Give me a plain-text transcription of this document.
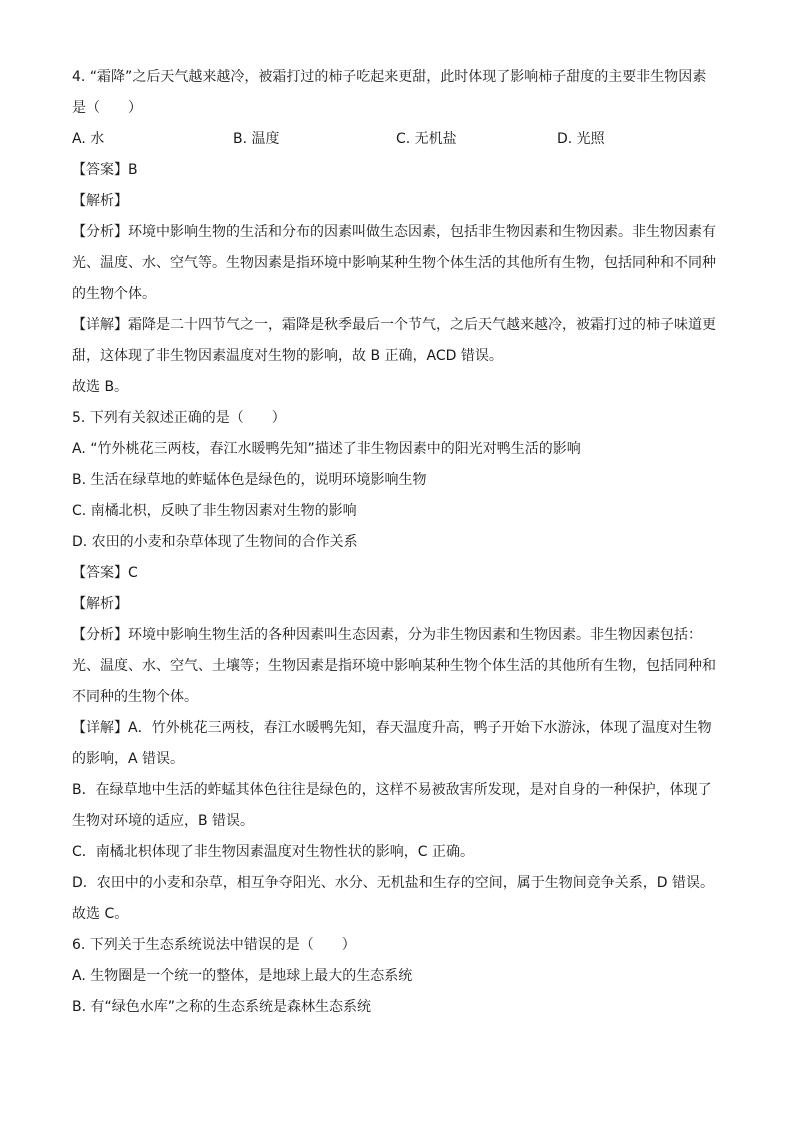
4. “霜降”之后天气越来越冷，被霜打过的柿子吃起来更甜，此时体现了影响柿子甜度的主要非生物因素
是（　　）
A. 水	B. 温度	C. 无机盐	D. 光照
【答案】B
【解析】
【分析】环境中影响生物的生活和分布的因素叫做生态因素，包括非生物因素和生物因素。非生物因素有
光、温度、水、空气等。生物因素是指环境中影响某种生物个体生活的其他所有生物，包括同种和不同种
的生物个体。
【详解】霜降是二十四节气之一，霜降是秋季最后一个节气，之后天气越来越冷，被霜打过的柿子味道更
甜，这体现了非生物因素温度对生物的影响，故 B 正确，ACD 错误。
故选 B。
5. 下列有关叙述正确的是（　　）
A. “竹外桃花三两枝，春江水暖鸭先知”描述了非生物因素中的阳光对鸭生活的影响
B. 生活在绿草地的蚱蜢体色是绿色的，说明环境影响生物
C. 南橘北枳，反映了非生物因素对生物的影响
D. 农田的小麦和杂草体现了生物间的合作关系
【答案】C
【解析】
【分析】环境中影响生物生活的各种因素叫生态因素，分为非生物因素和生物因素。非生物因素包括：
光、温度、水、空气、土壤等；生物因素是指环境中影响某种生物个体生活的其他所有生物，包括同种和
不同种的生物个体。
【详解】A．竹外桃花三两枝，春江水暖鸭先知，春天温度升高，鸭子开始下水游泳，体现了温度对生物
的影响，A 错误。
B．在绿草地中生活的蚱蜢其体色往往是绿色的，这样不易被敌害所发现，是对自身的一种保护，体现了
生物对环境的适应，B 错误。
C．南橘北枳体现了非生物因素温度对生物性状的影响，C 正确。
D．农田中的小麦和杂草，相互争夺阳光、水分、无机盐和生存的空间，属于生物间竞争关系，D 错误。
故选 C。
6. 下列关于生态系统说法中错误的是（　　）
A. 生物圈是一个统一的整体，是地球上最大的生态系统
B. 有“绿色水库”之称的生态系统是森林生态系统
